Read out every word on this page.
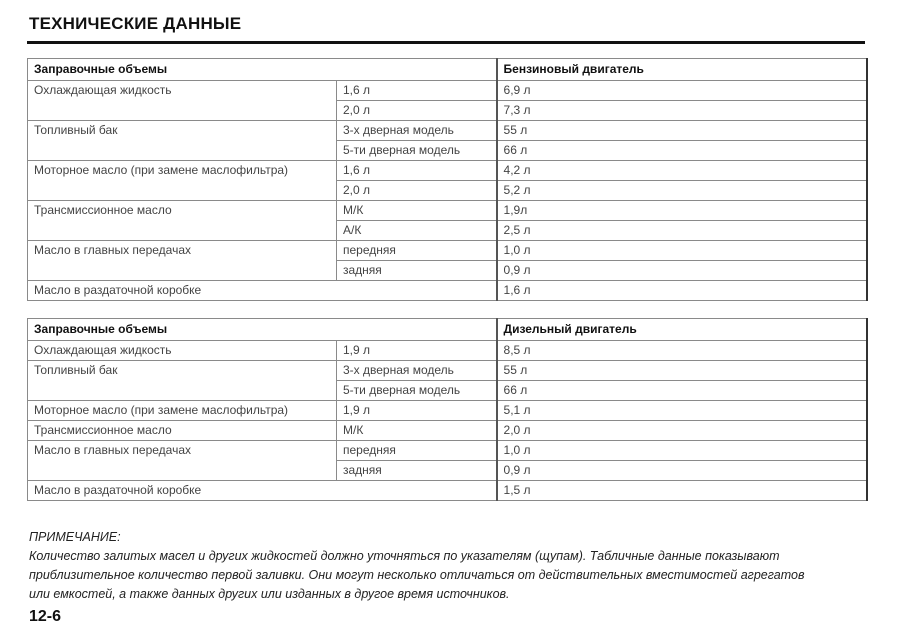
ТЕХНИЧЕСКИЕ ДАННЫЕ
Заправочные объемы		Бензиновый двигатель
Охлаждающая жидкость	1,6 л	6,9 л
	2,0 л	7,3 л
Топливный бак	3-х дверная модель	55 л
	5-ти дверная модель	66 л
Моторное масло (при замене маслофильтра)	1,6 л	4,2 л
	2,0 л	5,2 л
Трансмиссионное масло	М/К	1,9л
	А/К	2,5 л
Масло в главных передачах	передняя	1,0 л
	задняя	0,9 л
Масло в раздаточной коробке		1,6 л
Заправочные объемы		Дизельный двигатель
Охлаждающая жидкость	1,9 л	8,5 л
Топливный бак	3-х дверная модель	55 л
	5-ти дверная модель	66 л
Моторное масло (при замене маслофильтра)	1,9 л	5,1 л
Трансмиссионное масло	М/К	2,0 л
Масло в главных передачах	передняя	1,0 л
	задняя	0,9 л
Масло в раздаточной коробке		1,5 л
ПРИМЕЧАНИЕ:
Количество залитых масел и других жидкостей должно уточняться по указателям (щупам). Табличные данные показывают
приблизительное количество первой заливки. Они могут несколько отличаться от действительных вместимостей агрегатов
или емкостей, а также данных других или изданных в другое время источников.
12-6
